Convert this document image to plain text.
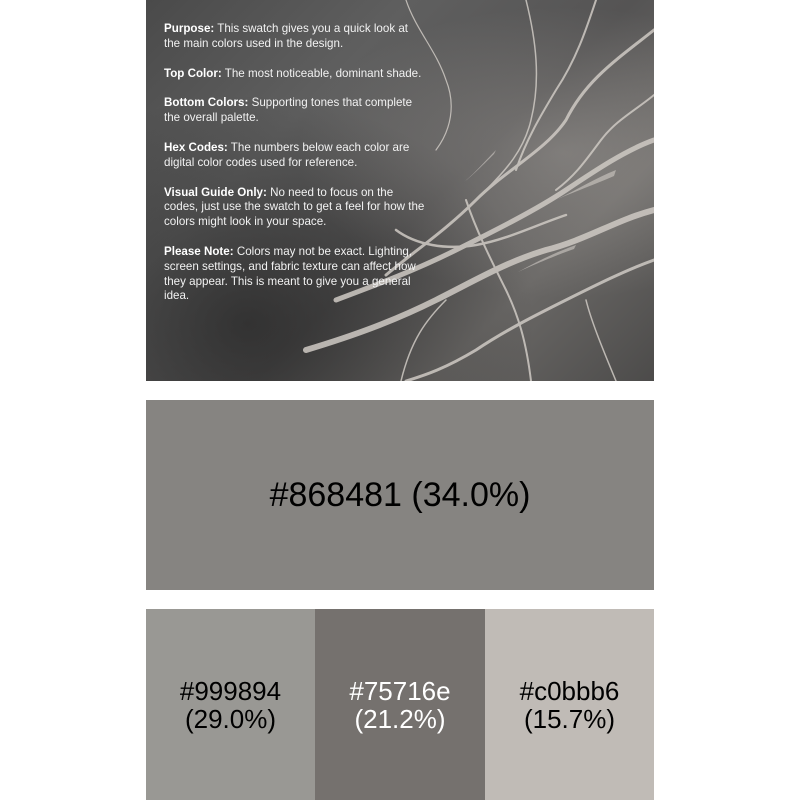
Purpose: This swatch gives you a quick look at the main colors used in the design.

Top Color: The most noticeable, dominant shade.

Bottom Colors: Supporting tones that complete the overall palette.

Hex Codes: The numbers below each color are digital color codes used for reference.

Visual Guide Only: No need to focus on the codes, just use the swatch to get a feel for how the colors might look in your space.

Please Note: Colors may not be exact. Lighting, screen settings, and fabric texture can affect how they appear. This is meant to give you a general idea.

#868481 (34.0%)
#999894
(29.0%)
#75716e
(21.2%)
#c0bbb6
(15.7%)
